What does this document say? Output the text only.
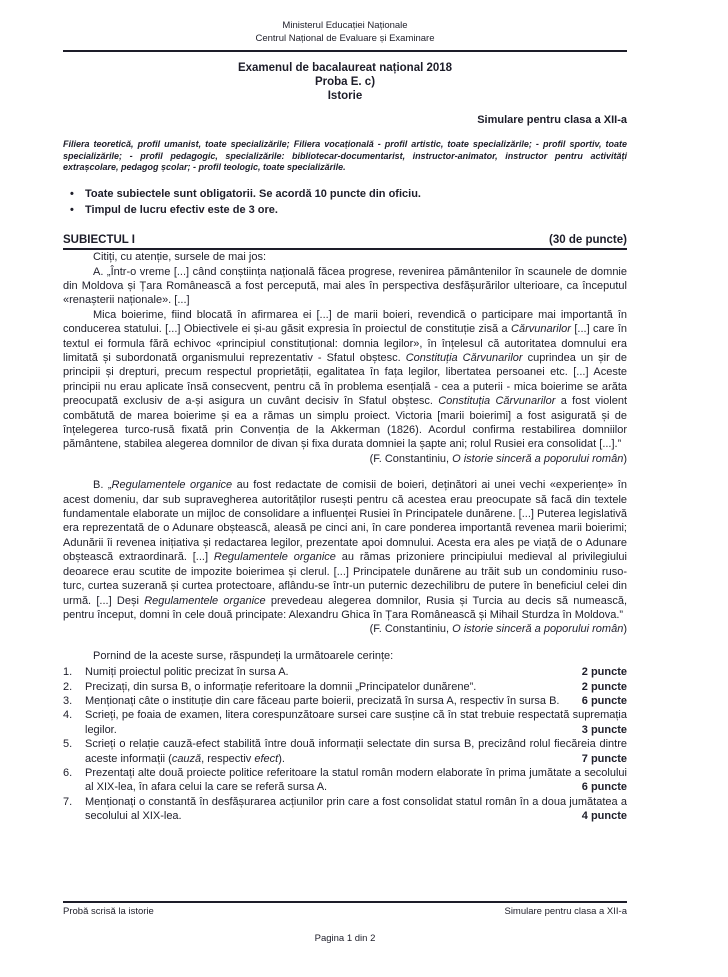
Ministerul Educației Naționale
Centrul Național de Evaluare și Examinare
Examenul de bacalaureat național 2018
Proba E. c)
Istorie
Simulare pentru clasa a XII-a
Filiera teoretică, profil umanist, toate specializările; Filiera vocațională - profil artistic, toate specializările; - profil sportiv, toate specializările; - profil pedagogic, specializările: bibliotecar-documentarist, instructor-animator, instructor pentru activități extrașcolare, pedagog școlar; - profil teologic, toate specializările.
• Toate subiectele sunt obligatorii. Se acordă 10 puncte din oficiu.
• Timpul de lucru efectiv este de 3 ore.
SUBIECTUL I	(30 de puncte)

Citiți, cu atenție, sursele de mai jos:

A. „Într-o vreme [...] când conștiința națională făcea progrese, revenirea pământenilor în scaunele de domnie din Moldova și Țara Românească a fost percepută, mai ales în perspectiva desfășurărilor ulterioare, ca începutul «renașterii naționale». [...]

Mica boierime, fiind blocată în afirmarea ei [...] de marii boieri, revendică o participare mai importantă în conducerea statului. [...] Obiectivele ei și-au găsit expresia în proiectul de constituție zisă a Cărvunarilor [...] care în textul ei formula fără echivoc «principiul constituțional: domnia legilor», în înțelesul că autoritatea domnului era limitată și subordonată organismului reprezentativ - Sfatul obștesc. Constituția Cărvunarilor cuprindea un șir de principii și drepturi, precum respectul proprietății, egalitatea în fața legilor, libertatea persoanei etc. [...] Aceste principii nu erau aplicate însă consecvent, pentru că în problema esențială - cea a puterii - mica boierime se arăta preocupată exclusiv de a-și asigura un cuvânt decisiv în Sfatul obștesc. Constituția Cărvunarilor a fost violent combătută de marea boierime și ea a rămas un simplu proiect. Victoria [marii boierimi] a fost asigurată și de înțelegerea turco-rusă fixată prin Convenția de la Akkerman (1826). Acordul confirma restabilirea domniilor pământene, stabilea alegerea domnilor de divan și fixa durata domniei la șapte ani; rolul Rusiei era consolidat [...].”

(F. Constantiniu, O istorie sinceră a poporului român)

B. „Regulamentele organice au fost redactate de comisii de boieri, deținători ai unei vechi «experiențe» în acest domeniu, dar sub supravegherea autorităților rusești pentru că acestea erau preocupate să facă din textele fundamentale elaborate un mijloc de consolidare a influenței Rusiei în Principatele dunărene. [...] Puterea legislativă era reprezentată de o Adunare obștească, aleasă pe cinci ani, în care ponderea importantă revenea marii boierimi; Adunării îi revenea inițiativa și redactarea legilor, prezentate apoi domnului. Acesta era ales pe viață de o Adunare obștească extraordinară. [...] Regulamentele organice au rămas prizoniere principiului medieval al privilegiului deoarece erau scutite de impozite boierimea și clerul. [...] Principatele dunărene au trăit sub un condominiu ruso-turc, curtea suzerană și curtea protectoare, aflându-se într-un puternic dezechilibru de putere în beneficiul celei din urmă. [...] Deși Regulamentele organice prevedeau alegerea domnilor, Rusia și Turcia au decis să numească, pentru început, domni în cele două principate: Alexandru Ghica în Țara Românească și Mihail Sturdza în Moldova.”

(F. Constantiniu, O istorie sinceră a poporului român)

Pornind de la aceste surse, răspundeți la următoarele cerințe:

1. Numiți proiectul politic precizat în sursa A.	2 puncte
2. Precizați, din sursa B, o informație referitoare la domnii „Principatelor dunărene”.	2 puncte
3. Menționați câte o instituție din care făceau parte boierii, precizată în sursa A, respectiv în sursa B.	6 puncte
4. Scrieți, pe foaia de examen, litera corespunzătoare sursei care susține că în stat trebuie respectată supremația legilor.	3 puncte
5. Scrieți o relație cauză-efect stabilită între două informații selectate din sursa B, precizând rolul fiecăreia dintre aceste informații (cauză, respectiv efect).	7 puncte
6. Prezentați alte două proiecte politice referitoare la statul român modern elaborate în prima jumătate a secolului al XIX-lea, în afara celui la care se referă sursa A.	6 puncte
7. Menționați o constantă în desfășurarea acțiunilor prin care a fost consolidat statul român în a doua jumătatea a secolului al XIX-lea.	4 puncte
Probă scrisă la istorie	Simulare pentru clasa a XII-a
Pagina 1 din 2
